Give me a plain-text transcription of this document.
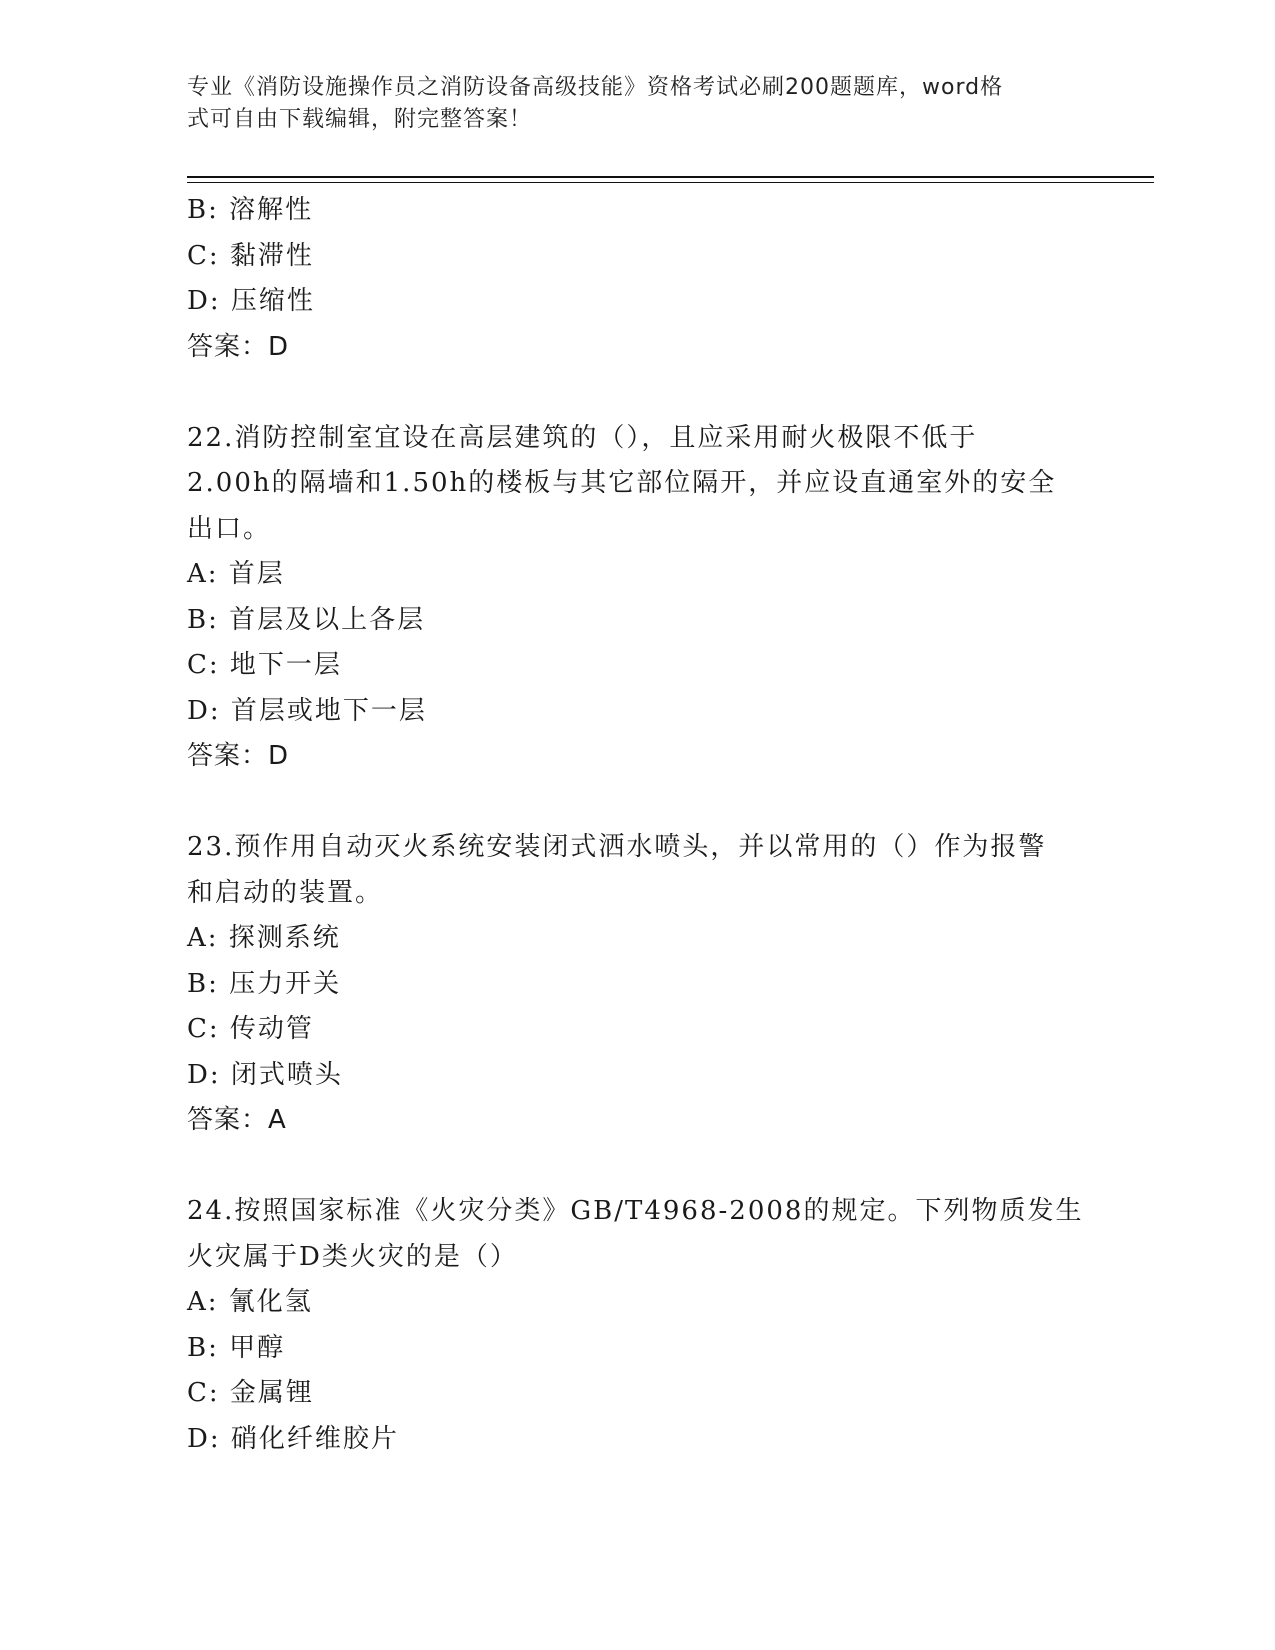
专业《消防设施操作员之消防设备高级技能》资格考试必刷200题题库，word格
式可自由下载编辑，附完整答案！
B: 溶解性
C: 黏滞性
D: 压缩性
答案：D
22.消防控制室宜设在高层建筑的（），且应采用耐火极限不低于
2.00h的隔墙和1.50h的楼板与其它部位隔开，并应设直通室外的安全
出口。
A: 首层
B: 首层及以上各层
C: 地下一层
D: 首层或地下一层
答案：D
23.预作用自动灭火系统安装闭式洒水喷头，并以常用的（）作为报警
和启动的装置。
A: 探测系统
B: 压力开关
C: 传动管
D: 闭式喷头
答案：A
24.按照国家标准《火灾分类》GB/T4968-2008的规定。下列物质发生
火灾属于D类火灾的是（）
A: 氰化氢
B: 甲醇
C: 金属锂
D: 硝化纤维胶片
